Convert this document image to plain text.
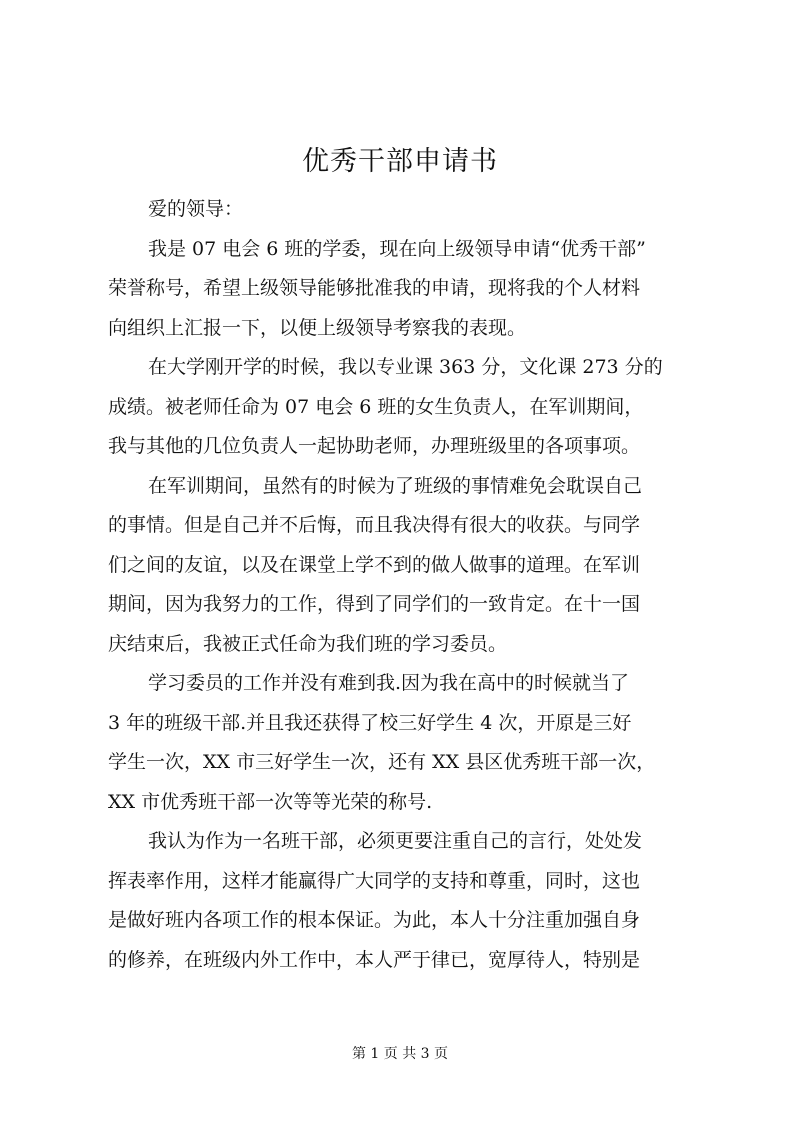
优秀干部申请书
爱的领导：
我是 07 电会 6 班的学委，现在向上级领导申请“优秀干部”
荣誉称号，希望上级领导能够批准我的申请，现将我的个人材料
向组织上汇报一下，以便上级领导考察我的表现。
在大学刚开学的时候，我以专业课 363 分，文化课 273 分的
成绩。被老师任命为 07 电会 6 班的女生负责人，在军训期间，
我与其他的几位负责人一起协助老师，办理班级里的各项事项。
在军训期间，虽然有的时候为了班级的事情难免会耽误自己
的事情。但是自己并不后悔，而且我决得有很大的收获。与同学
们之间的友谊，以及在课堂上学不到的做人做事的道理。在军训
期间，因为我努力的工作，得到了同学们的一致肯定。在十一国
庆结束后，我被正式任命为我们班的学习委员。
学习委员的工作并没有难到我.因为我在高中的时候就当了
3 年的班级干部.并且我还获得了校三好学生 4 次，开原是三好
学生一次，XX 市三好学生一次，还有 XX 县区优秀班干部一次，
XX 市优秀班干部一次等等光荣的称号.
我认为作为一名班干部，必须更要注重自己的言行，处处发
挥表率作用，这样才能赢得广大同学的支持和尊重，同时，这也
是做好班内各项工作的根本保证。为此，本人十分注重加强自身
的修养，在班级内外工作中，本人严于律已，宽厚待人，特别是
第 1 页 共 3 页
